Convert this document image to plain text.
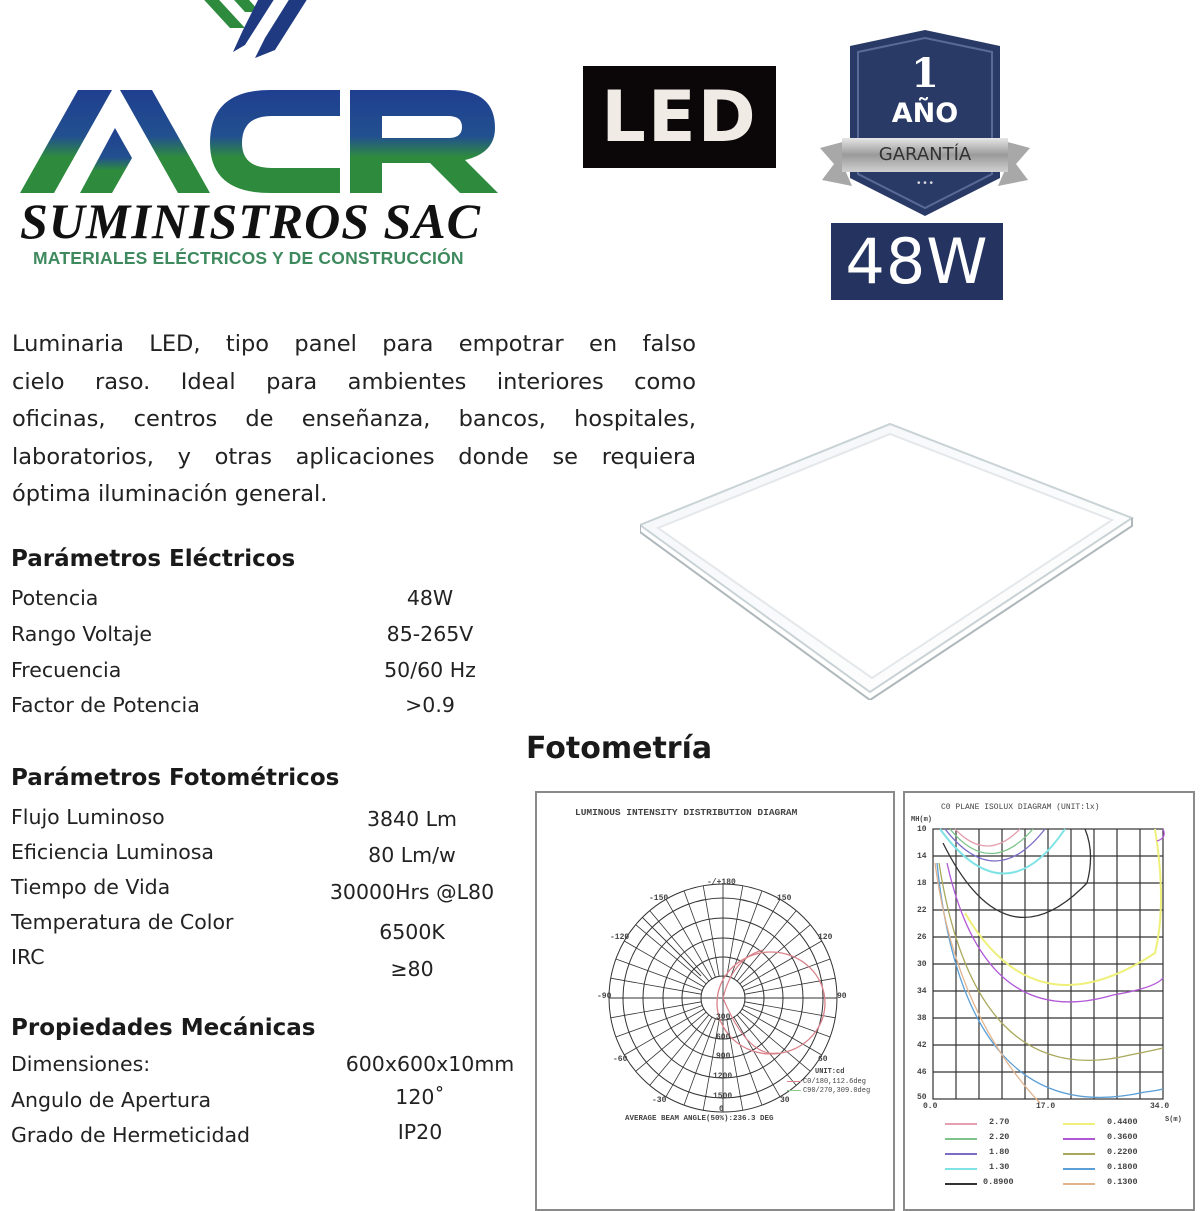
SUMINISTROS SAC
MATERIALES ELÉCTRICOS Y DE CONSTRUCCIÓN
LED
1
AÑO
GARANTÍA
• • •
48W
Luminaria LED, tipo panel para empotrar en falso
cielo raso. Ideal para ambientes interiores como
oficinas, centros de enseñanza, bancos, hospitales,
laboratorios, y otras aplicaciones donde se requiera
óptima iluminación general.
Parámetros Eléctricos
Potencia	48W
Rango Voltaje	85-265V
Frecuencia	50/60 Hz
Factor de Potencia	>0.9
Parámetros Fotométricos
Flujo Luminoso	3840 Lm
Eficiencia Luminosa	80 Lm/w
Tiempo de Vida	30000Hrs @L80
Temperatura de Color	6500K
IRC	≥80
Propiedades Mecánicas
Dimensiones:	600x600x10mm
Angulo de Apertura	120˚
Grado de Hermeticidad	IP20
Fotometría
LUMINOUS INTENSITY DISTRIBUTION DIAGRAM
-/+180
-150	150
-120	120
-90	90
-60	60
-30	30
0
300
600
900
1200
1500
UNIT:cd
C0/180,112.6deg
C90/270,309.0deg
AVERAGE BEAM ANGLE(50%):236.3 DEG
C0 PLANE ISOLUX DIAGRAM (UNIT:lx)
MH(m)
10
14
18
22
26
30
34
38
42
46
50
0.0	17.0	34.0
S(m)
2.70
2.20
1.80
1.30
0.8900
0.4400
0.3600
0.2200
0.1800
0.1300
